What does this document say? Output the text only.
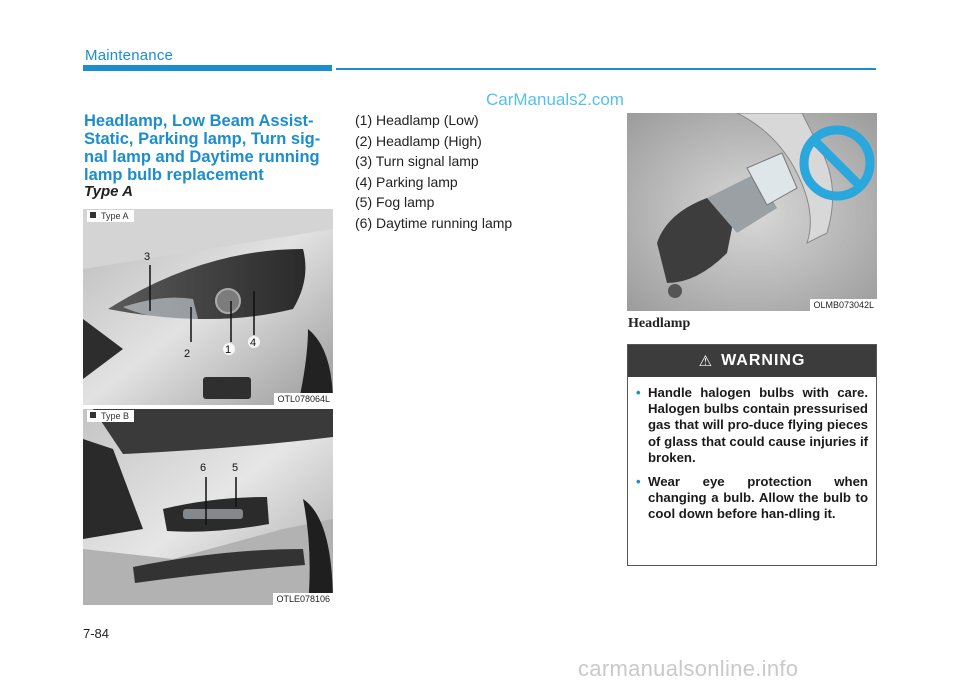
Maintenance
CarManuals2.com
Headlamp, Low Beam Assist-Static, Parking lamp, Turn sig-nal lamp and Daytime running lamp bulb replacement
Type A
3
2	1
4
Type A
OTL078064L
6 5
Type B
OTLE078106
(1) Headlamp (Low)
(2) Headlamp (High)
(3) Turn signal lamp
(4) Parking lamp
(5) Fog lamp
(6) Daytime running lamp
OLMB073042L
Headlamp
⚠ WARNING
• Handle halogen bulbs with care. Halogen bulbs contain pressurised gas that will pro-duce flying pieces of glass that could cause injuries if broken.
• Wear eye protection when changing a bulb. Allow the bulb to cool down before han-dling it.
7-84
carmanualsonline.info
